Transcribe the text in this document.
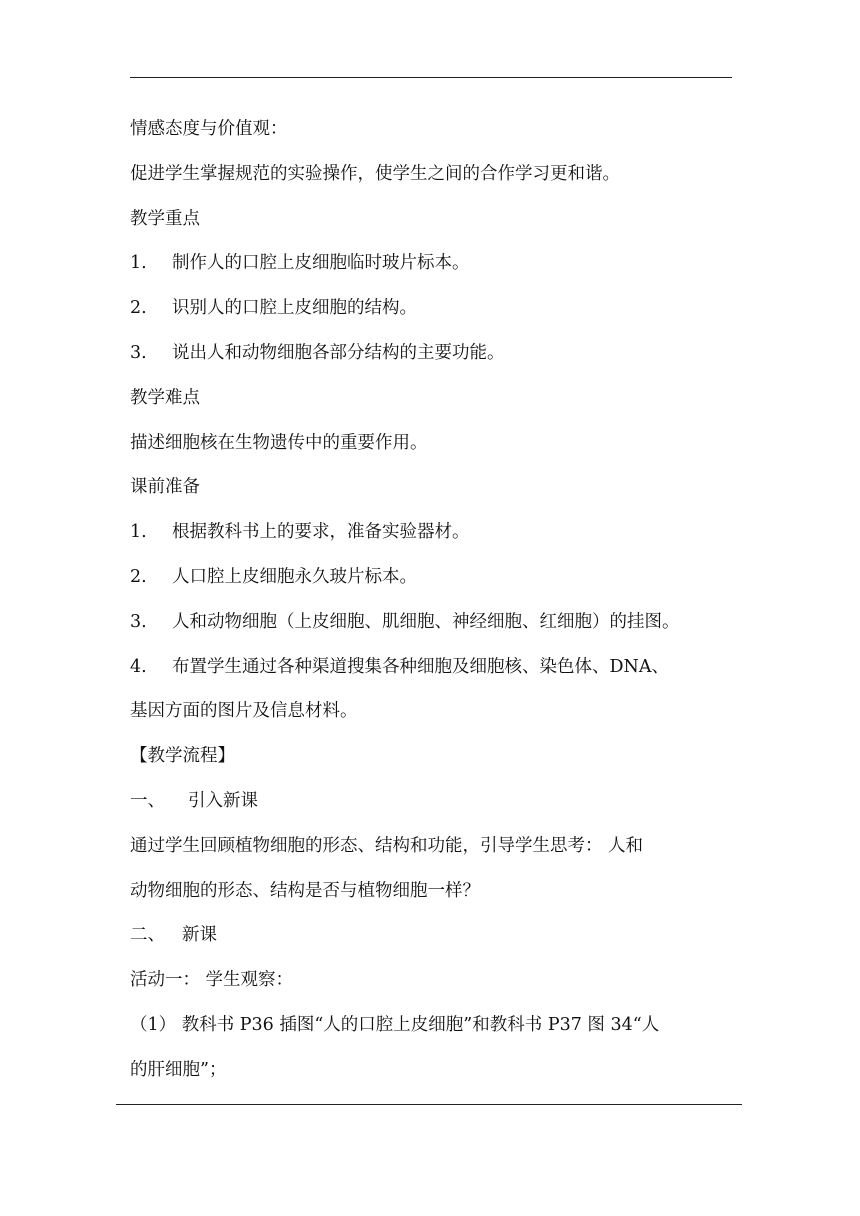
情感态度与价值观：
促进学生掌握规范的实验操作，使学生之间的合作学习更和谐。
教学重点
1. 制作人的口腔上皮细胞临时玻片标本。
2. 识别人的口腔上皮细胞的结构。
3. 说出人和动物细胞各部分结构的主要功能。
教学难点
描述细胞核在生物遗传中的重要作用。
课前准备
1. 根据教科书上的要求，准备实验器材。
2. 人口腔上皮细胞永久玻片标本。
3. 人和动物细胞（上皮细胞、肌细胞、神经细胞、红细胞）的挂图。
4. 布置学生通过各种渠道搜集各种细胞及细胞核、染色体、DNA、
基因方面的图片及信息材料。
【教学流程】
一、 引入新课
通过学生回顾植物细胞的形态、结构和功能，引导学生思考： 人和
动物细胞的形态、结构是否与植物细胞一样？
二、 新课
活动一： 学生观察：
（1） 教科书 P36 插图“人的口腔上皮细胞”和教科书 P37 图 34“人
的肝细胞”；
